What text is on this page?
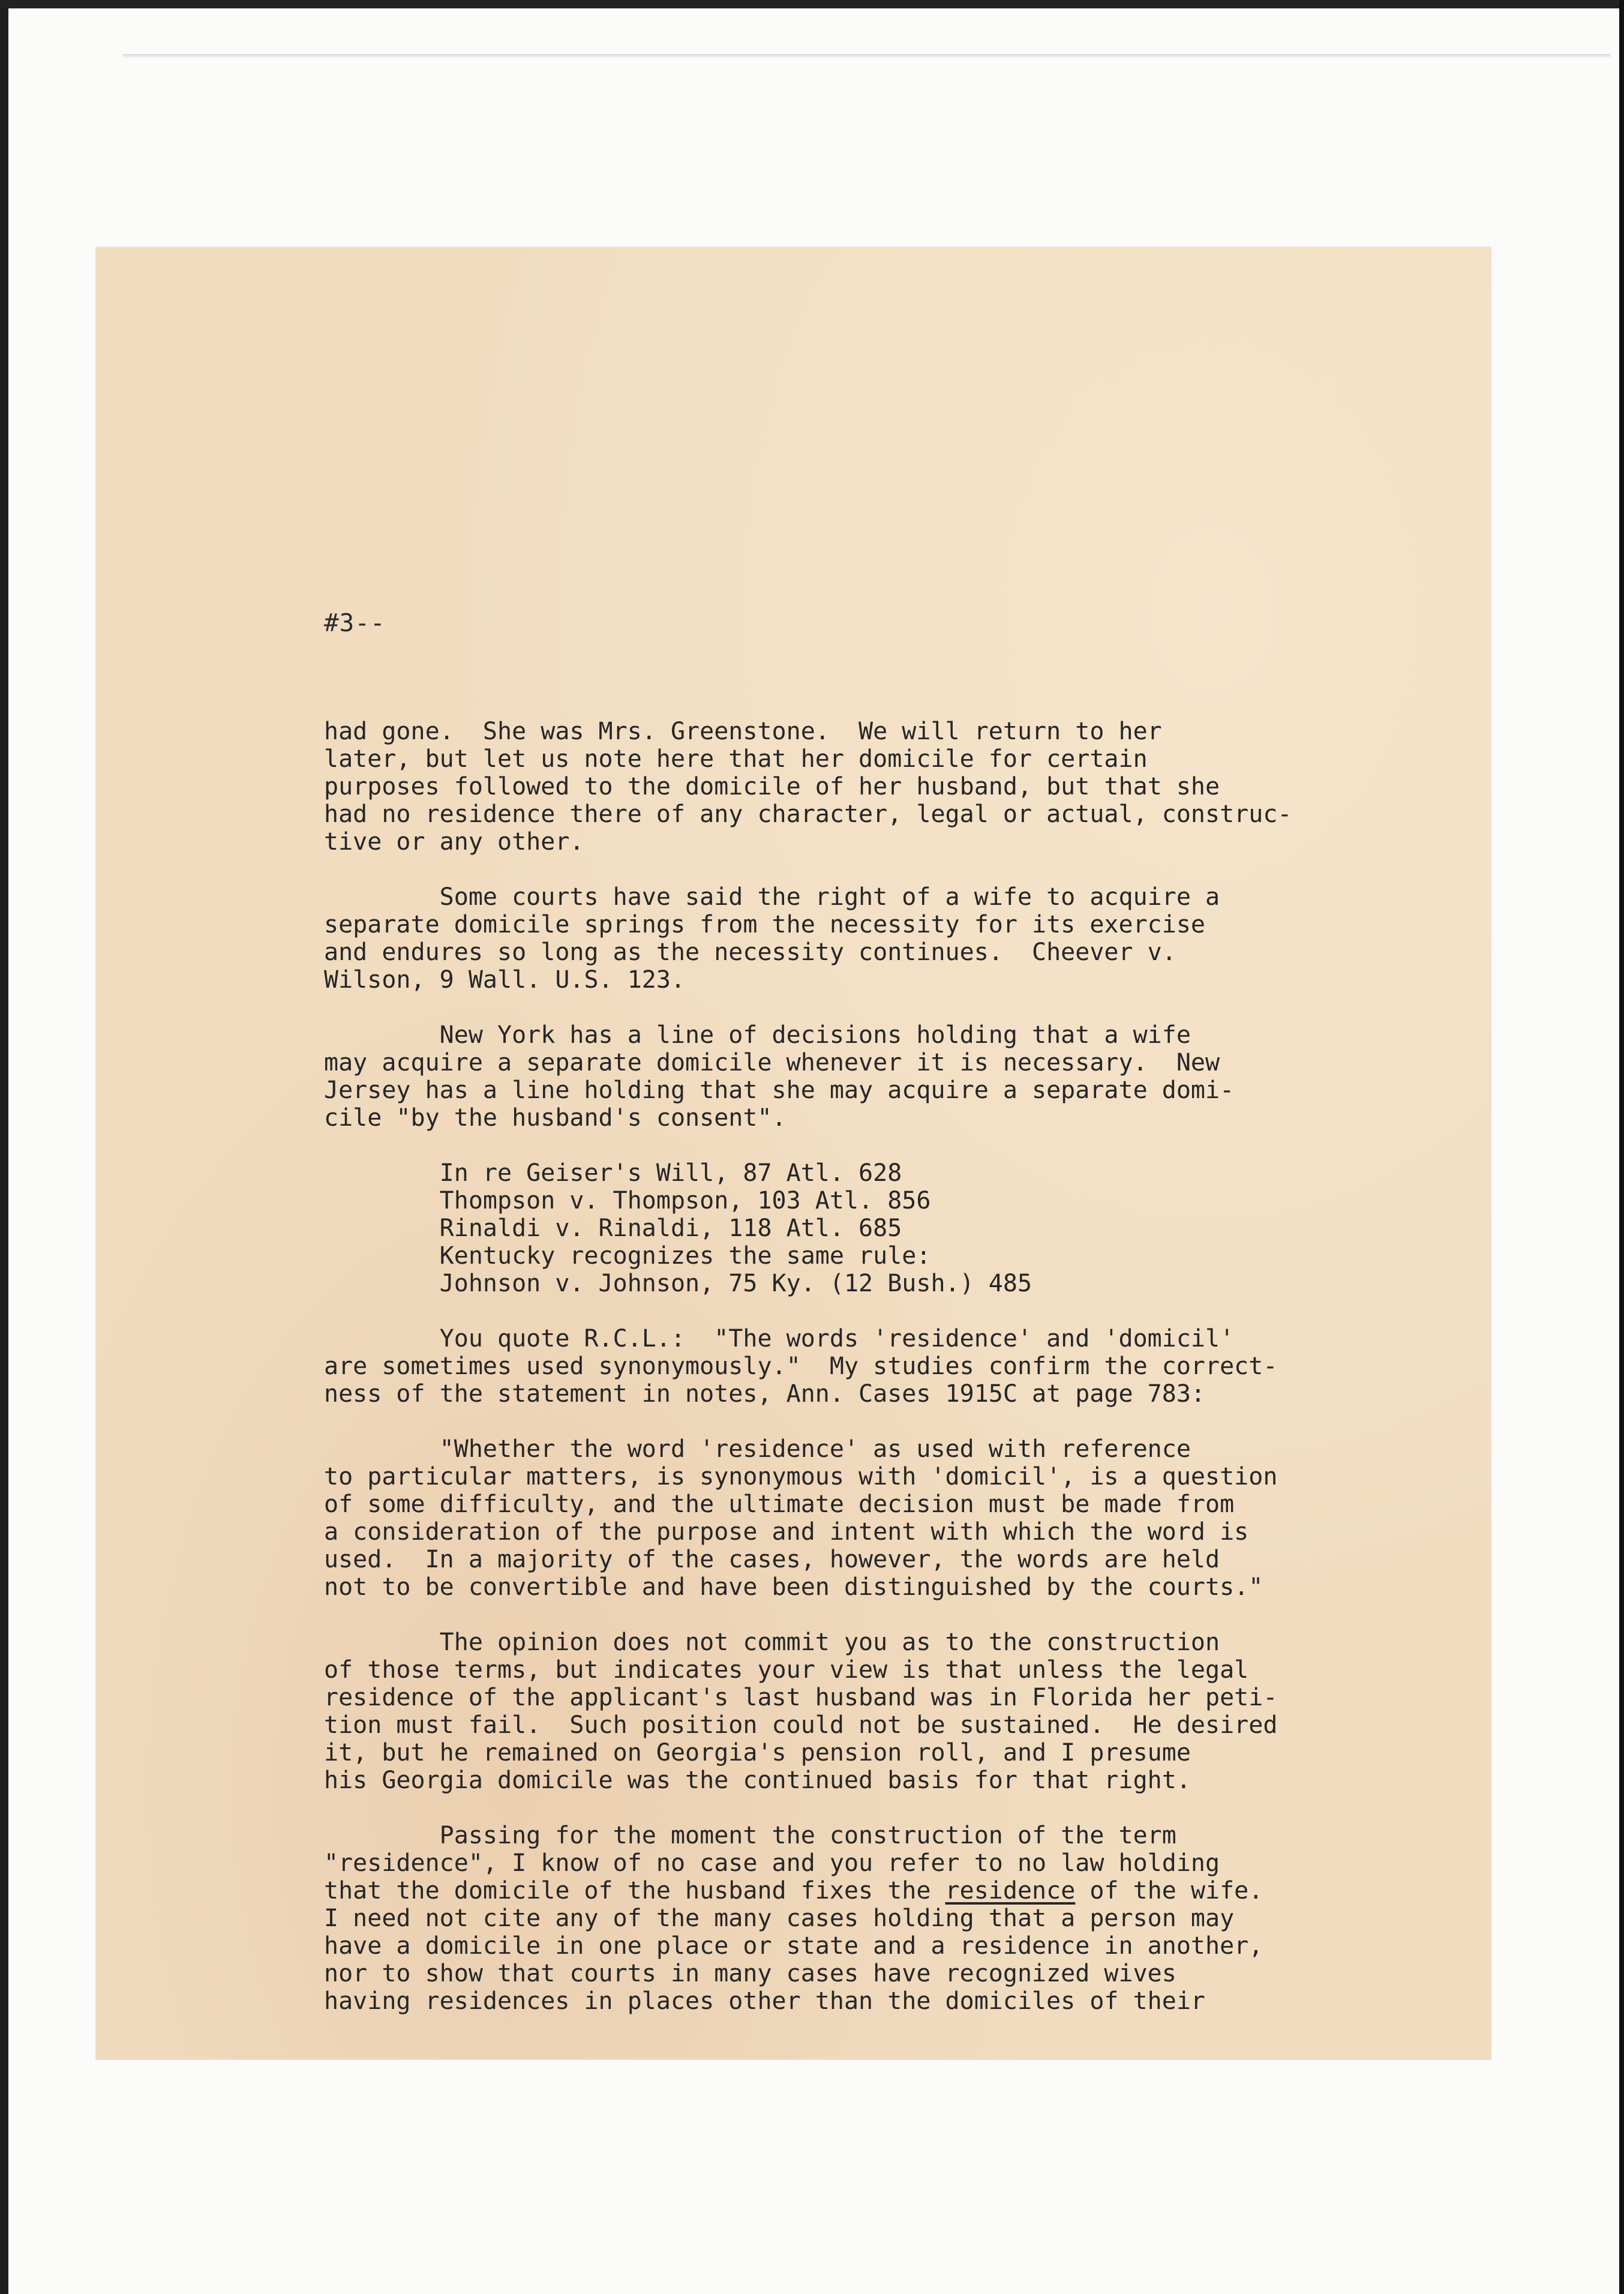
#3--
had gone.  She was Mrs. Greenstone.  We will return to her
later, but let us note here that her domicile for certain
purposes followed to the domicile of her husband, but that she
had no residence there of any character, legal or actual, construc-
tive or any other.
Some courts have said the right of a wife to acquire a
separate domicile springs from the necessity for its exercise
and endures so long as the necessity continues.  Cheever v.
Wilson, 9 Wall. U.S. 123.
New York has a line of decisions holding that a wife
may acquire a separate domicile whenever it is necessary.  New
Jersey has a line holding that she may acquire a separate domi-
cile "by the husband's consent".
In re Geiser's Will, 87 Atl. 628
Thompson v. Thompson, 103 Atl. 856
Rinaldi v. Rinaldi, 118 Atl. 685
Kentucky recognizes the same rule:
Johnson v. Johnson, 75 Ky. (12 Bush.) 485
You quote R.C.L.:  "The words 'residence' and 'domicil'
are sometimes used synonymously."  My studies confirm the correct-
ness of the statement in notes, Ann. Cases 1915C at page 783:
"Whether the word 'residence' as used with reference
to particular matters, is synonymous with 'domicil', is a question
of some difficulty, and the ultimate decision must be made from
a consideration of the purpose and intent with which the word is
used.  In a majority of the cases, however, the words are held
not to be convertible and have been distinguished by the courts."
The opinion does not commit you as to the construction
of those terms, but indicates your view is that unless the legal
residence of the applicant's last husband was in Florida her peti-
tion must fail.  Such position could not be sustained.  He desired
it, but he remained on Georgia's pension roll, and I presume
his Georgia domicile was the continued basis for that right.
Passing for the moment the construction of the term
"residence", I know of no case and you refer to no law holding
that the domicile of the husband fixes the residence of the wife.
I need not cite any of the many cases holding that a person may
have a domicile in one place or state and a residence in another,
nor to show that courts in many cases have recognized wives
having residences in places other than the domiciles of their
